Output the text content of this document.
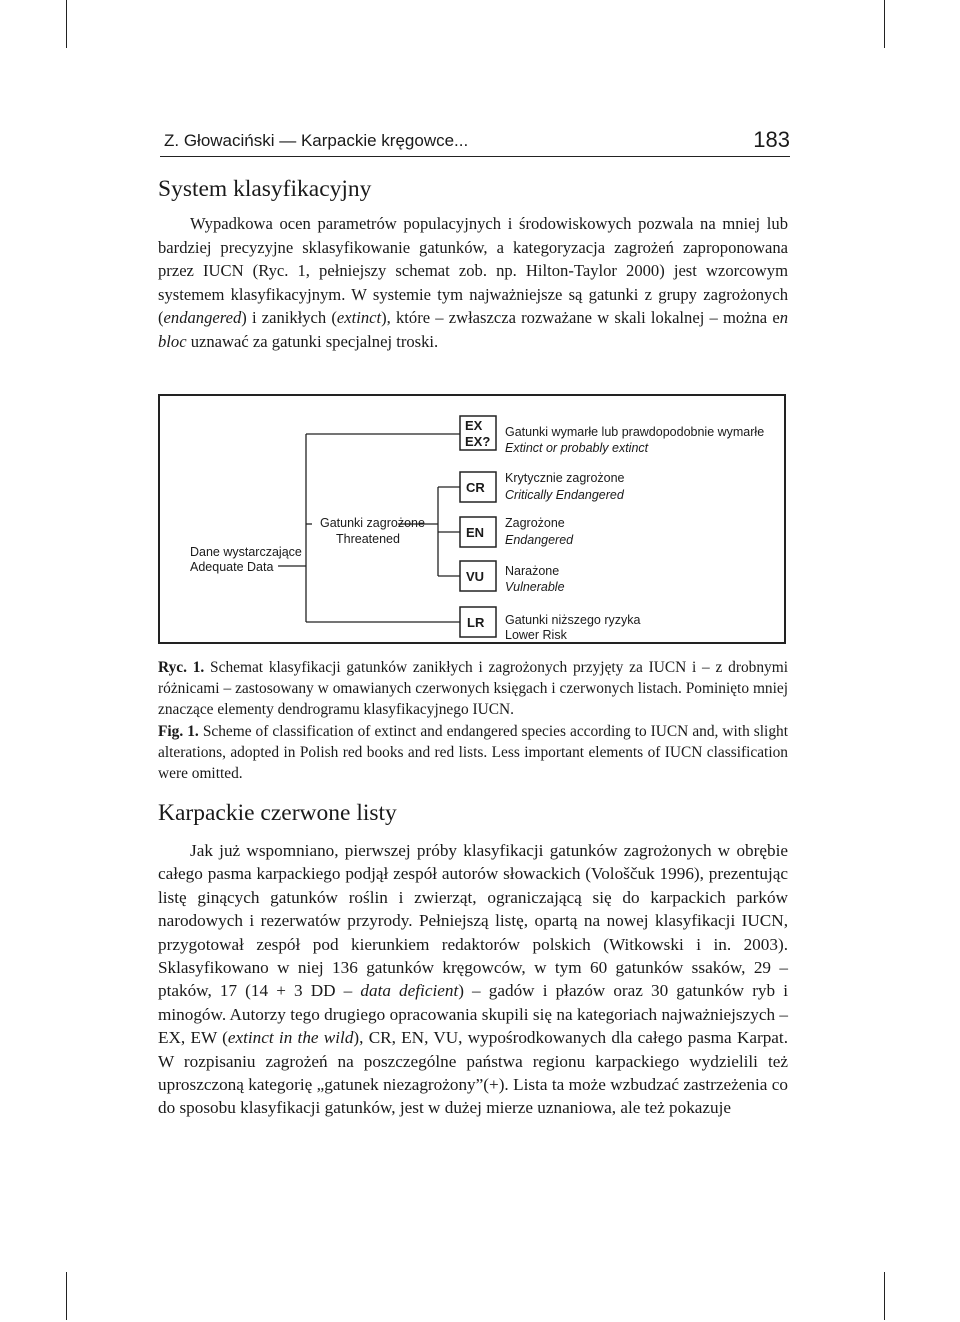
Z. Głowaciński — Karpackie kręgowce...	183
System klasyfikacyjny

Wypadkowa ocen parametrów populacyjnych i środowiskowych pozwala na mniej lub bardziej precyzyjne sklasyfikowanie gatunków, a kategoryzacja zagrożeń zaproponowana przez IUCN (Ryc. 1, pełniejszy schemat zob. np. Hilton-Taylor 2000) jest wzorcowym systemem klasyfikacyjnym. W systemie tym najważniejsze są gatunki z grupy zagrożonych (endangered) i zanikłych (extinct), które – zwłaszcza rozważane w skali lokalnej – można en bloc uznawać za gatunki specjalnej troski.

Dane wystarczające
Adequate Data
Gatunki zagrożone
Threatened
EX
EX?
Gatunki wymarłe lub prawdopodobnie wymarłe
Extinct or probably extinct
CR
Krytycznie zagrożone
Critically Endangered
EN
Zagrożone
Endangered
VU Narażone
Vulnerable
LR Gatunki niższego ryzyka
Lower Risk

Ryc. 1. Schemat klasyfikacji gatunków zanikłych i zagrożonych przyjęty za IUCN i – z drobnymi różnicami – zastosowany w omawianych czerwonych księgach i czerwonych listach. Pominięto mniej znaczące elementy dendrogramu klasyfikacyjnego IUCN.

Fig. 1. Scheme of classification of extinct and endangered species according to IUCN and, with slight alterations, adopted in Polish red books and red lists. Less important elements of IUCN classification were omitted.

Karpackie czerwone listy

Jak już wspomniano, pierwszej próby klasyfikacji gatunków zagrożonych w obrębie całego pasma karpackiego podjął zespół autorów słowackich (Vološčuk 1996), prezentując listę ginących gatunków roślin i zwierząt, ograniczającą się do karpackich parków narodowych i rezerwatów przyrody. Pełniejszą listę, opartą na nowej klasyfikacji IUCN, przygotował zespół pod kierunkiem redaktorów polskich (Witkowski i in. 2003). Sklasyfikowano w niej 136 gatunków kręgowców, w tym 60 gatunków ssaków, 29 – ptaków, 17 (14 + 3 DD – data deficient) – gadów i płazów oraz 30 gatunków ryb i minogów. Autorzy tego drugiego opracowania skupili się na kategoriach najważniejszych – EX, EW (extinct in the wild), CR, EN, VU, wypośrodkowanych dla całego pasma Karpat. W rozpisaniu zagrożeń na poszczególne państwa regionu karpackiego wydzielili też uproszczoną kategorię „gatunek niezagrożony”(+). Lista ta może wzbudzać zastrzeżenia co do sposobu klasyfikacji gatunków, jest w dużej mierze uznaniowa, ale też pokazuje
